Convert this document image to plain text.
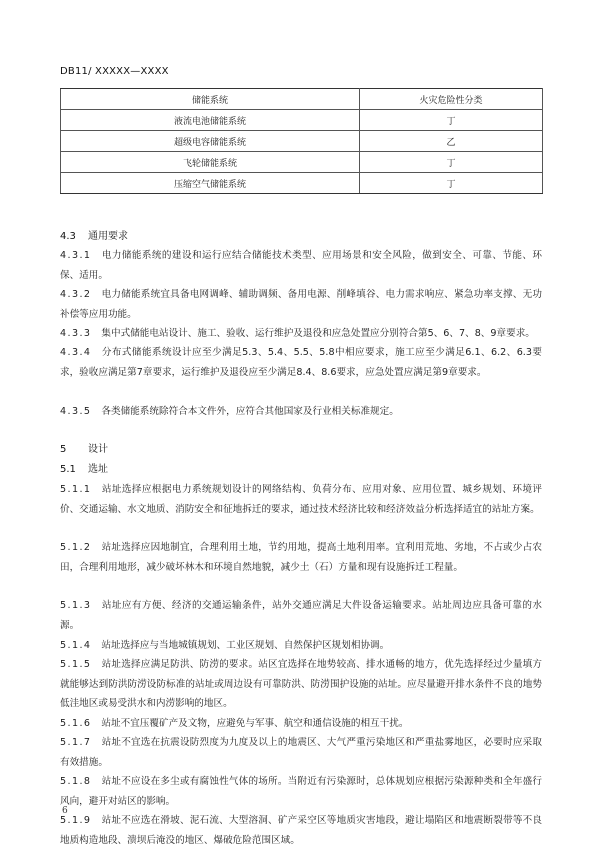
DB11/ XXXXX—XXXX
储能系统	火灾危险性分类
液流电池储能系统	丁
超级电容储能系统	乙
飞轮储能系统	丁
压缩空气储能系统	丁
4.3 通用要求
4.3.1 电力储能系统的建设和运行应结合储能技术类型、应用场景和安全风险，做到安全、可靠、节能、环保、适用。
4.3.2 电力储能系统宜具备电网调峰、辅助调频、备用电源、削峰填谷、电力需求响应、紧急功率支撑、无功补偿等应用功能。
4.3.3 集中式储能电站设计、施工、验收、运行维护及退役和应急处置应分别符合第5、6、7、8、9章要求。
4.3.4 分布式储能系统设计应至少满足5.3、5.4、5.5、5.8中相应要求，施工应至少满足6.1、6.2、6.3要求，验收应满足第7章要求，运行维护及退役应至少满足8.4、8.6要求，应急处置应满足第9章要求。
4.3.5 各类储能系统除符合本文件外，应符合其他国家及行业相关标准规定。
5 设计
5.1 选址
5.1.1 站址选择应根据电力系统规划设计的网络结构、负荷分布、应用对象、应用位置、城乡规划、环境评价、交通运输、水文地质、消防安全和征地拆迁的要求，通过技术经济比较和经济效益分析选择适宜的站址方案。
5.1.2 站址选择应因地制宜，合理利用土地，节约用地，提高土地利用率。宜利用荒地、劣地，不占或少占农田，合理利用地形，减少破坏林木和环境自然地貌，减少土（石）方量和现有设施拆迁工程量。
5.1.3 站址应有方便、经济的交通运输条件，站外交通应满足大件设备运输要求。站址周边应具备可靠的水源。
5.1.4 站址选择应与当地城镇规划、工业区规划、自然保护区规划相协调。
5.1.5 站址选择应满足防洪、防涝的要求。站区宜选择在地势较高、排水通畅的地方，优先选择经过少量填方就能够达到防洪防涝设防标准的站址或周边设有可靠防洪、防涝围护设施的站址。应尽量避开排水条件不良的地势低洼地区或易受洪水和内涝影响的地区。
5.1.6 站址不宜压覆矿产及文物，应避免与军事、航空和通信设施的相互干扰。
5.1.7 站址不宜选在抗震设防烈度为九度及以上的地震区、大气严重污染地区和严重盐雾地区，必要时应采取有效措施。
5.1.8 站址不应设在多尘或有腐蚀性气体的场所。当附近有污染源时，总体规划应根据污染源种类和全年盛行风向，避开对站区的影响。
5.1.9 站址不应选在滑坡、泥石流、大型溶洞、矿产采空区等地质灾害地段，避让塌陷区和地震断裂带等不良地质构造地段、溃坝后淹没的地区、爆破危险范围区域。
6
